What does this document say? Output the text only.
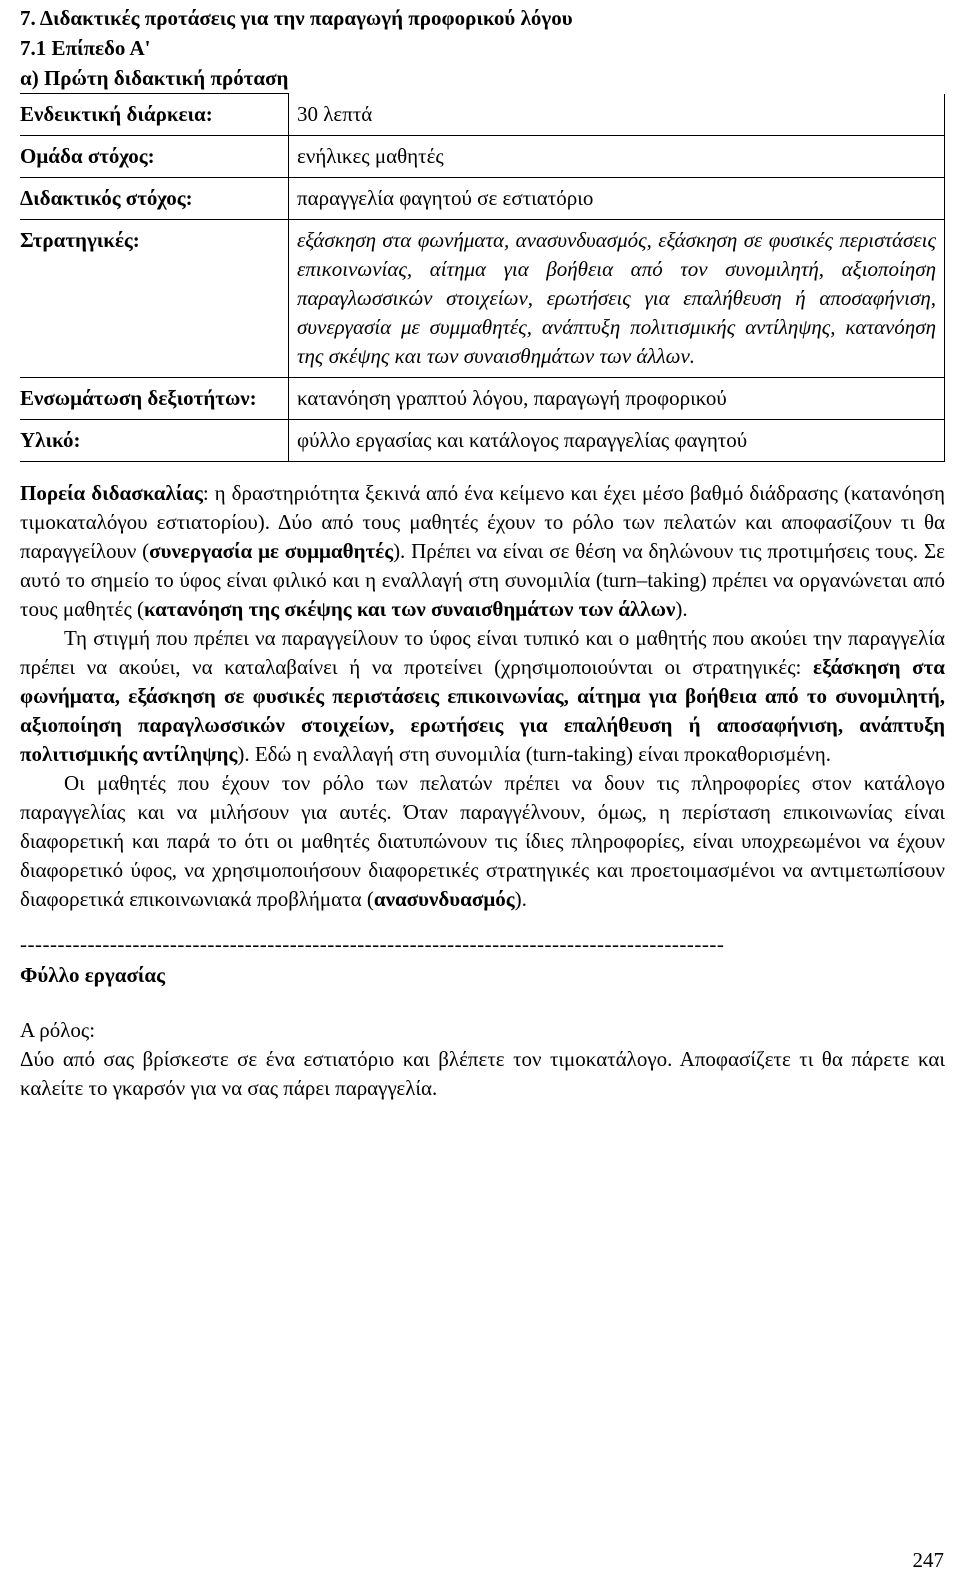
7. Διδακτικές προτάσεις για την παραγωγή προφορικού λόγου
7.1 Επίπεδο Α'
α) Πρώτη διδακτική πρόταση
Ενδεικτική διάρκεια:	30 λεπτά
Ομάδα στόχος:	ενήλικες μαθητές
Διδακτικός στόχος:	παραγγελία φαγητού σε εστιατόριο
Στρατηγικές:	εξάσκηση στα φωνήματα, ανασυνδυασμός, εξάσκηση σε φυσικές περιστάσεις επικοινωνίας, αίτημα για βοήθεια από τον συνομιλητή, αξιοποίηση παραγλωσσικών στοιχείων, ερωτήσεις για επαλήθευση ή αποσαφήνιση, συνεργασία με συμμαθητές, ανάπτυξη πολιτισμικής αντίληψης, κατανόηση της σκέψης και των συναισθημάτων των άλλων.
Ενσωμάτωση δεξιοτήτων:	κατανόηση γραπτού λόγου, παραγωγή προφορικού
Υλικό:	φύλλο εργασίας και κατάλογος παραγγελίας φαγητού

Πορεία διδασκαλίας: η δραστηριότητα ξεκινά από ένα κείμενο και έχει μέσο βαθμό διάδρασης (κατανόηση τιμοκαταλόγου εστιατορίου). Δύο από τους μαθητές έχουν το ρόλο των πελατών και αποφασίζουν τι θα παραγγείλουν (συνεργασία με συμμαθητές). Πρέπει να είναι σε θέση να δηλώνουν τις προτιμήσεις τους. Σε αυτό το σημείο το ύφος είναι φιλικό και η εναλλαγή στη συνομιλία (turn–taking) πρέπει να οργανώνεται από τους μαθητές (κατανόηση της σκέψης και των συναισθημάτων των άλλων).

Τη στιγμή που πρέπει να παραγγείλουν το ύφος είναι τυπικό και ο μαθητής που ακούει την παραγγελία πρέπει να ακούει, να καταλαβαίνει ή να προτείνει (χρησιμοποιούνται οι στρατηγικές: εξάσκηση στα φωνήματα, εξάσκηση σε φυσικές περιστάσεις επικοινωνίας, αίτημα για βοήθεια από το συνομιλητή, αξιοποίηση παραγλωσσικών στοιχείων, ερωτήσεις για επαλήθευση ή αποσαφήνιση, ανάπτυξη πολιτισμικής αντίληψης). Εδώ η εναλλαγή στη συνομιλία (turn-taking) είναι προκαθορισμένη.

Οι μαθητές που έχουν τον ρόλο των πελατών πρέπει να δουν τις πληροφορίες στον κατάλογο παραγγελίας και να μιλήσουν για αυτές. Όταν παραγγέλνουν, όμως, η περίσταση επικοινωνίας είναι διαφορετική και παρά το ότι οι μαθητές διατυπώνουν τις ίδιες πληροφορίες, είναι υποχρεωμένοι να έχουν διαφορετικό ύφος, να χρησιμοποιήσουν διαφορετικές στρατηγικές και προετοιμασμένοι να αντιμετωπίσουν διαφορετικά επικοινωνιακά προβλήματα (ανασυνδυασμός).

----------------------------------------------------------------------------------------------
Φύλλο εργασίας
Α ρόλος:

Δύο από σας βρίσκεστε σε ένα εστιατόριο και βλέπετε τον τιμοκατάλογο. Αποφασίζετε τι θα πάρετε και καλείτε το γκαρσόν για να σας πάρει παραγγελία.

247
